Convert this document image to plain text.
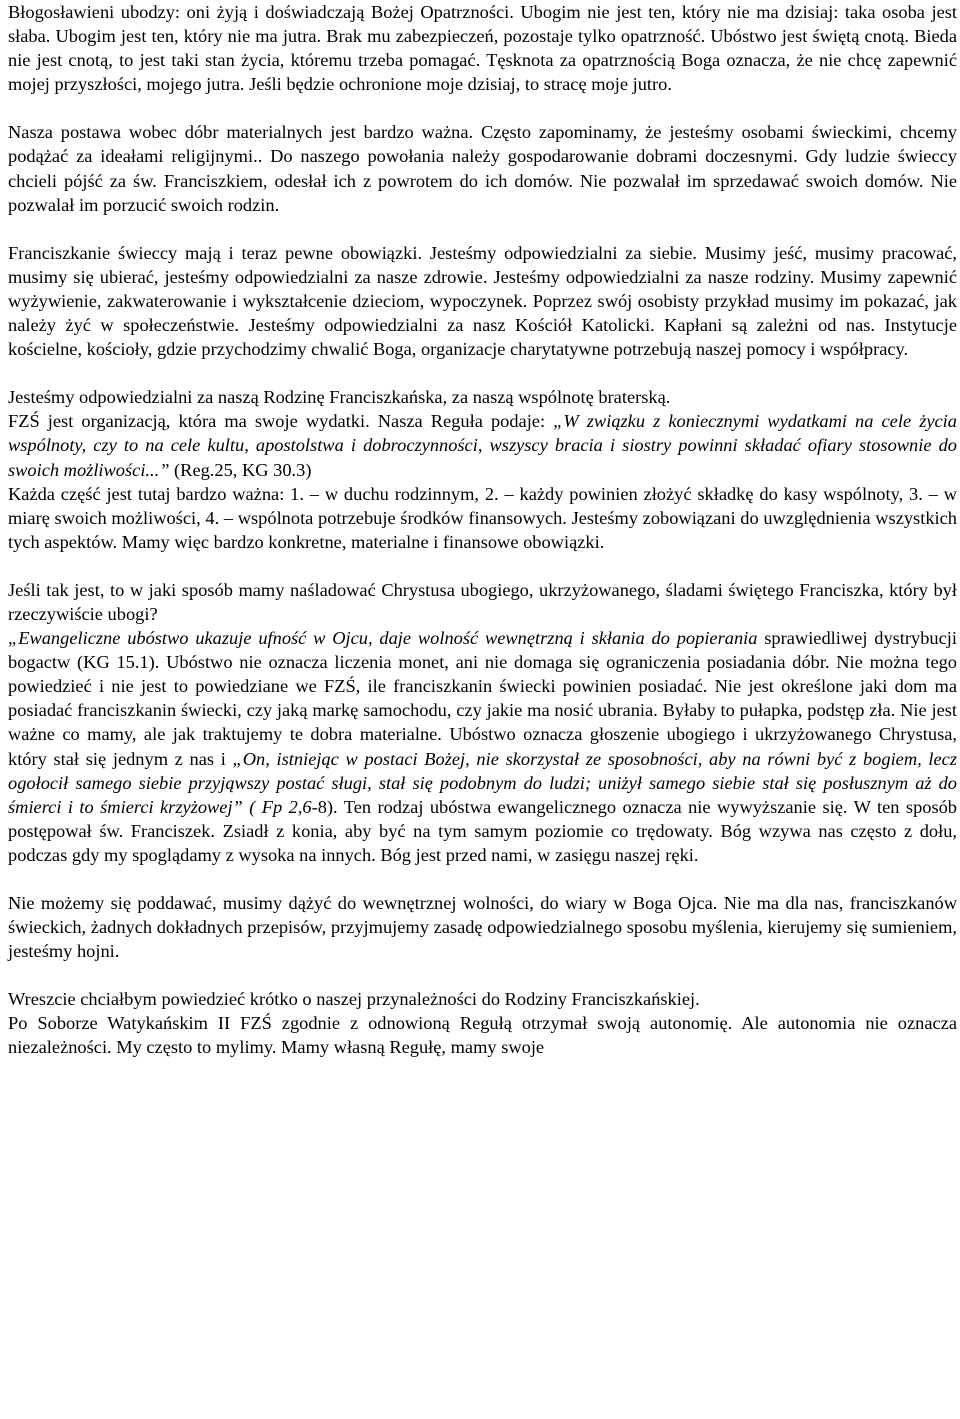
Błogosławieni ubodzy: oni żyją i doświadczają Bożej Opatrzności. Ubogim nie jest ten, który nie ma dzisiaj: taka osoba jest słaba. Ubogim jest ten, który nie ma jutra. Brak mu zabezpieczeń, pozostaje tylko opatrzność. Ubóstwo jest świętą cnotą. Bieda nie jest cnotą, to jest taki stan życia, któremu trzeba pomagać. Tęsknota za opatrznością Boga oznacza, że nie chcę zapewnić mojej przyszłości, mojego jutra. Jeśli będzie ochronione moje dzisiaj, to stracę moje jutro.

Nasza postawa wobec dóbr materialnych jest bardzo ważna. Często zapominamy, że jesteśmy osobami świeckimi, chcemy podążać za ideałami religijnymi.. Do naszego powołania należy gospodarowanie dobrami doczesnymi. Gdy ludzie świeccy chcieli pójść za św. Franciszkiem, odesłał ich z powrotem do ich domów. Nie pozwalał im sprzedawać swoich domów. Nie pozwalał im porzucić swoich rodzin.

Franciszkanie świeccy mają i teraz pewne obowiązki. Jesteśmy odpowiedzialni za siebie. Musimy jeść, musimy pracować, musimy się ubierać, jesteśmy odpowiedzialni za nasze zdrowie. Jesteśmy odpowiedzialni za nasze rodziny. Musimy zapewnić wyżywienie, zakwaterowanie i wykształcenie dzieciom, wypoczynek. Poprzez swój osobisty przykład musimy im pokazać, jak należy żyć w społeczeństwie. Jesteśmy odpowiedzialni za nasz Kościół Katolicki. Kapłani są zależni od nas. Instytucje kościelne, kościoły, gdzie przychodzimy chwalić Boga, organizacje charytatywne potrzebują naszej pomocy i współpracy.

Jesteśmy odpowiedzialni za naszą Rodzinę Franciszkańska, za naszą wspólnotę braterską.

FZŚ jest organizacją, która ma swoje wydatki. Nasza Reguła podaje: „W związku z koniecznymi wydatkami na cele życia wspólnoty, czy to na cele kultu, apostolstwa i dobroczynności, wszyscy bracia i siostry powinni składać ofiary stosownie do swoich możliwości...” (Reg.25, KG 30.3)

Każda część jest tutaj bardzo ważna: 1. – w duchu rodzinnym, 2. – każdy powinien złożyć składkę do kasy wspólnoty, 3. – w miarę swoich możliwości, 4. – wspólnota potrzebuje środków finansowych. Jesteśmy zobowiązani do uwzględnienia wszystkich tych aspektów. Mamy więc bardzo konkretne, materialne i finansowe obowiązki.

Jeśli tak jest, to w jaki sposób mamy naśladować Chrystusa ubogiego, ukrzyżowanego, śladami świętego Franciszka, który był rzeczywiście ubogi?

„Ewangeliczne ubóstwo ukazuje ufność w Ojcu, daje wolność wewnętrzną i skłania do popierania sprawiedliwej dystrybucji bogactw (KG 15.1). Ubóstwo nie oznacza liczenia monet, ani nie domaga się ograniczenia posiadania dóbr. Nie można tego powiedzieć i nie jest to powiedziane we FZŚ, ile franciszkanin świecki powinien posiadać. Nie jest określone jaki dom ma posiadać franciszkanin świecki, czy jaką markę samochodu, czy jakie ma nosić ubrania. Byłaby to pułapka, podstęp zła. Nie jest ważne co mamy, ale jak traktujemy te dobra materialne. Ubóstwo oznacza głoszenie ubogiego i ukrzyżowanego Chrystusa, który stał się jednym z nas i „On, istniejąc w postaci Bożej, nie skorzystał ze sposobności, aby na równi być z bogiem, lecz ogołocił samego siebie przyjąwszy postać sługi, stał się podobnym do ludzi; uniżył samego siebie stał się posłusznym aż do śmierci i to śmierci krzyżowej” ( Fp 2,6-8). Ten rodzaj ubóstwa ewangelicznego oznacza nie wywyższanie się. W ten sposób postępował św. Franciszek. Zsiadł z konia, aby być na tym samym poziomie co trędowaty. Bóg wzywa nas często z dołu, podczas gdy my spoglądamy z wysoka na innych. Bóg jest przed nami, w zasięgu naszej ręki.

Nie możemy się poddawać, musimy dążyć do wewnętrznej wolności, do wiary w Boga Ojca. Nie ma dla nas, franciszkanów świeckich, żadnych dokładnych przepisów, przyjmujemy zasadę odpowiedzialnego sposobu myślenia, kierujemy się sumieniem, jesteśmy hojni.

Wreszcie chciałbym powiedzieć krótko o naszej przynależności do Rodziny Franciszkańskiej.

Po Soborze Watykańskim II FZŚ zgodnie z odnowioną Regułą otrzymał swoją autonomię. Ale autonomia nie oznacza niezależności. My często to mylimy. Mamy własną Regułę, mamy swoje
